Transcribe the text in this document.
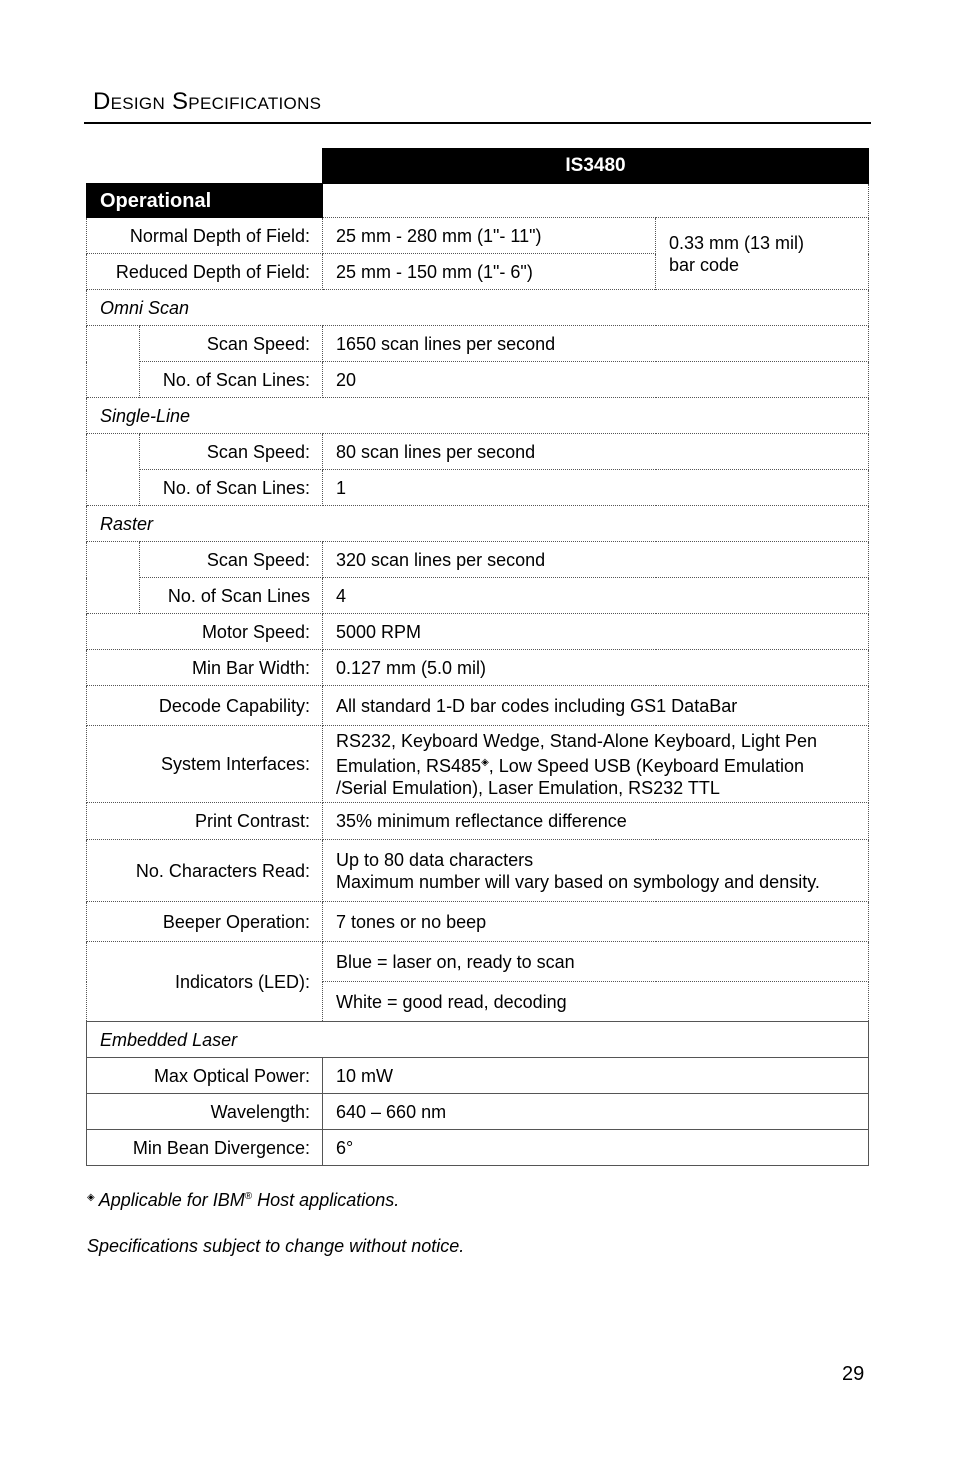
Design Specifications
		IS3480	
Operational			
Normal Depth of Field:		25 mm - 280 mm (1"- 11")	0.33 mm (13 mil)
bar code

Reduced Depth of Field:		25 mm - 150 mm (1"- 6")	
Omni Scan			
	Scan Speed:	1650 scan lines per second	
	No. of Scan Lines:	20	
Single-Line			
	Scan Speed:	80 scan lines per second	
	No. of Scan Lines:	1	
Raster			
	Scan Speed:	320 scan lines per second	
	No. of Scan Lines	4	
Motor Speed:		5000 RPM	
Min Bar Width:		0.127 mm (5.0 mil)	
Decode Capability:		All standard 1-D bar codes including GS1 DataBar	
System Interfaces:		RS232, Keyboard Wedge, Stand-Alone Keyboard, Light Pen
Emulation, RS485◈, Low Speed USB (Keyboard Emulation
/Serial Emulation), Laser Emulation, RS232 TTL	

Print Contrast:		35% minimum reflectance difference	
No. Characters Read:		Up to 80 data characters
Maximum number will vary based on symbology and density.	

Beeper Operation:		7 tones or no beep	
Indicators (LED):		Blue = laser on, ready to scan	
		White = good read, decoding	
Embedded Laser			
Max Optical Power:		10 mW	
Wavelength:		640 – 660 nm	
Min Bean Divergence:		6°	

◈ Applicable for IBM® Host applications.

Specifications subject to change without notice.

29
